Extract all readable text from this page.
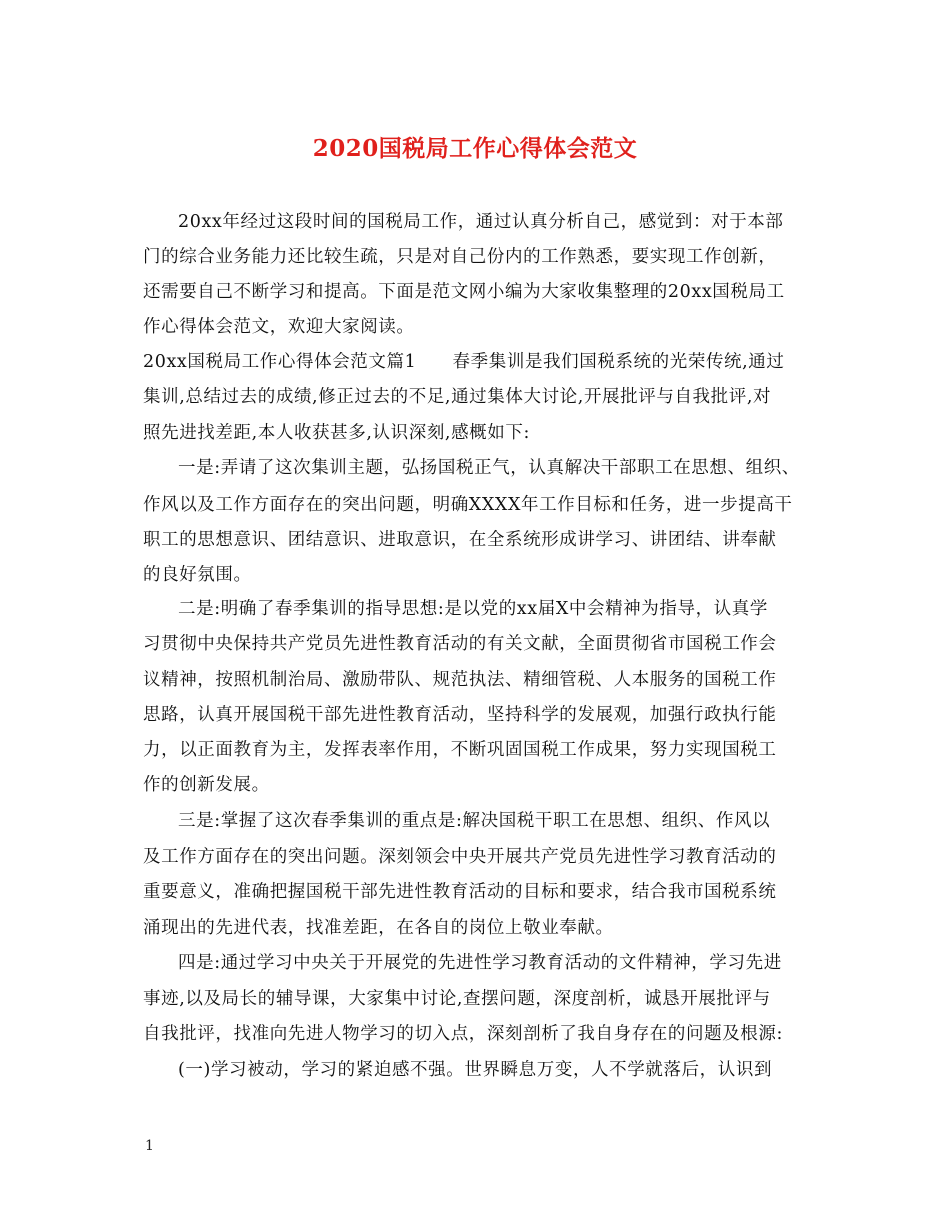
2020国税局工作心得体会范文
20xx年经过这段时间的国税局工作，通过认真分析自己，感觉到：对于本部
门的综合业务能力还比较生疏，只是对自己份内的工作熟悉，要实现工作创新，
还需要自己不断学习和提高。下面是范文网小编为大家收集整理的20xx国税局工
作心得体会范文，欢迎大家阅读。
20xx国税局工作心得体会范文篇1　　春季集训是我们国税系统的光荣传统,通过
集训,总结过去的成绩,修正过去的不足,通过集体大讨论,开展批评与自我批评,对
照先进找差距,本人收获甚多,认识深刻,感概如下:
一是:弄请了这次集训主题，弘扬国税正气，认真解决干部职工在思想、组织、
作风以及工作方面存在的突出问题，明确XXXX年工作目标和任务，进一步提高干
职工的思想意识、团结意识、进取意识，在全系统形成讲学习、讲团结、讲奉献
的良好氛围。
二是:明确了春季集训的指导思想:是以党的xx届X中会精神为指导，认真学
习贯彻中央保持共产党员先进性教育活动的有关文献，全面贯彻省市国税工作会
议精神，按照机制治局、激励带队、规范执法、精细管税、人本服务的国税工作
思路，认真开展国税干部先进性教育活动，坚持科学的发展观，加强行政执行能
力，以正面教育为主，发挥表率作用，不断巩固国税工作成果，努力实现国税工
作的创新发展。
三是:掌握了这次春季集训的重点是:解决国税干职工在思想、组织、作风以
及工作方面存在的突出问题。深刻领会中央开展共产党员先进性学习教育活动的
重要意义，准确把握国税干部先进性教育活动的目标和要求，结合我市国税系统
涌现出的先进代表，找准差距，在各自的岗位上敬业奉献。
四是:通过学习中央关于开展党的先进性学习教育活动的文件精神，学习先进
事迹,以及局长的辅导课，大家集中讨论,查摆问题，深度剖析，诚恳开展批评与
自我批评，找准向先进人物学习的切入点，深刻剖析了我自身存在的问题及根源:
(一)学习被动，学习的紧迫感不强。世界瞬息万变，人不学就落后，认识到
1
